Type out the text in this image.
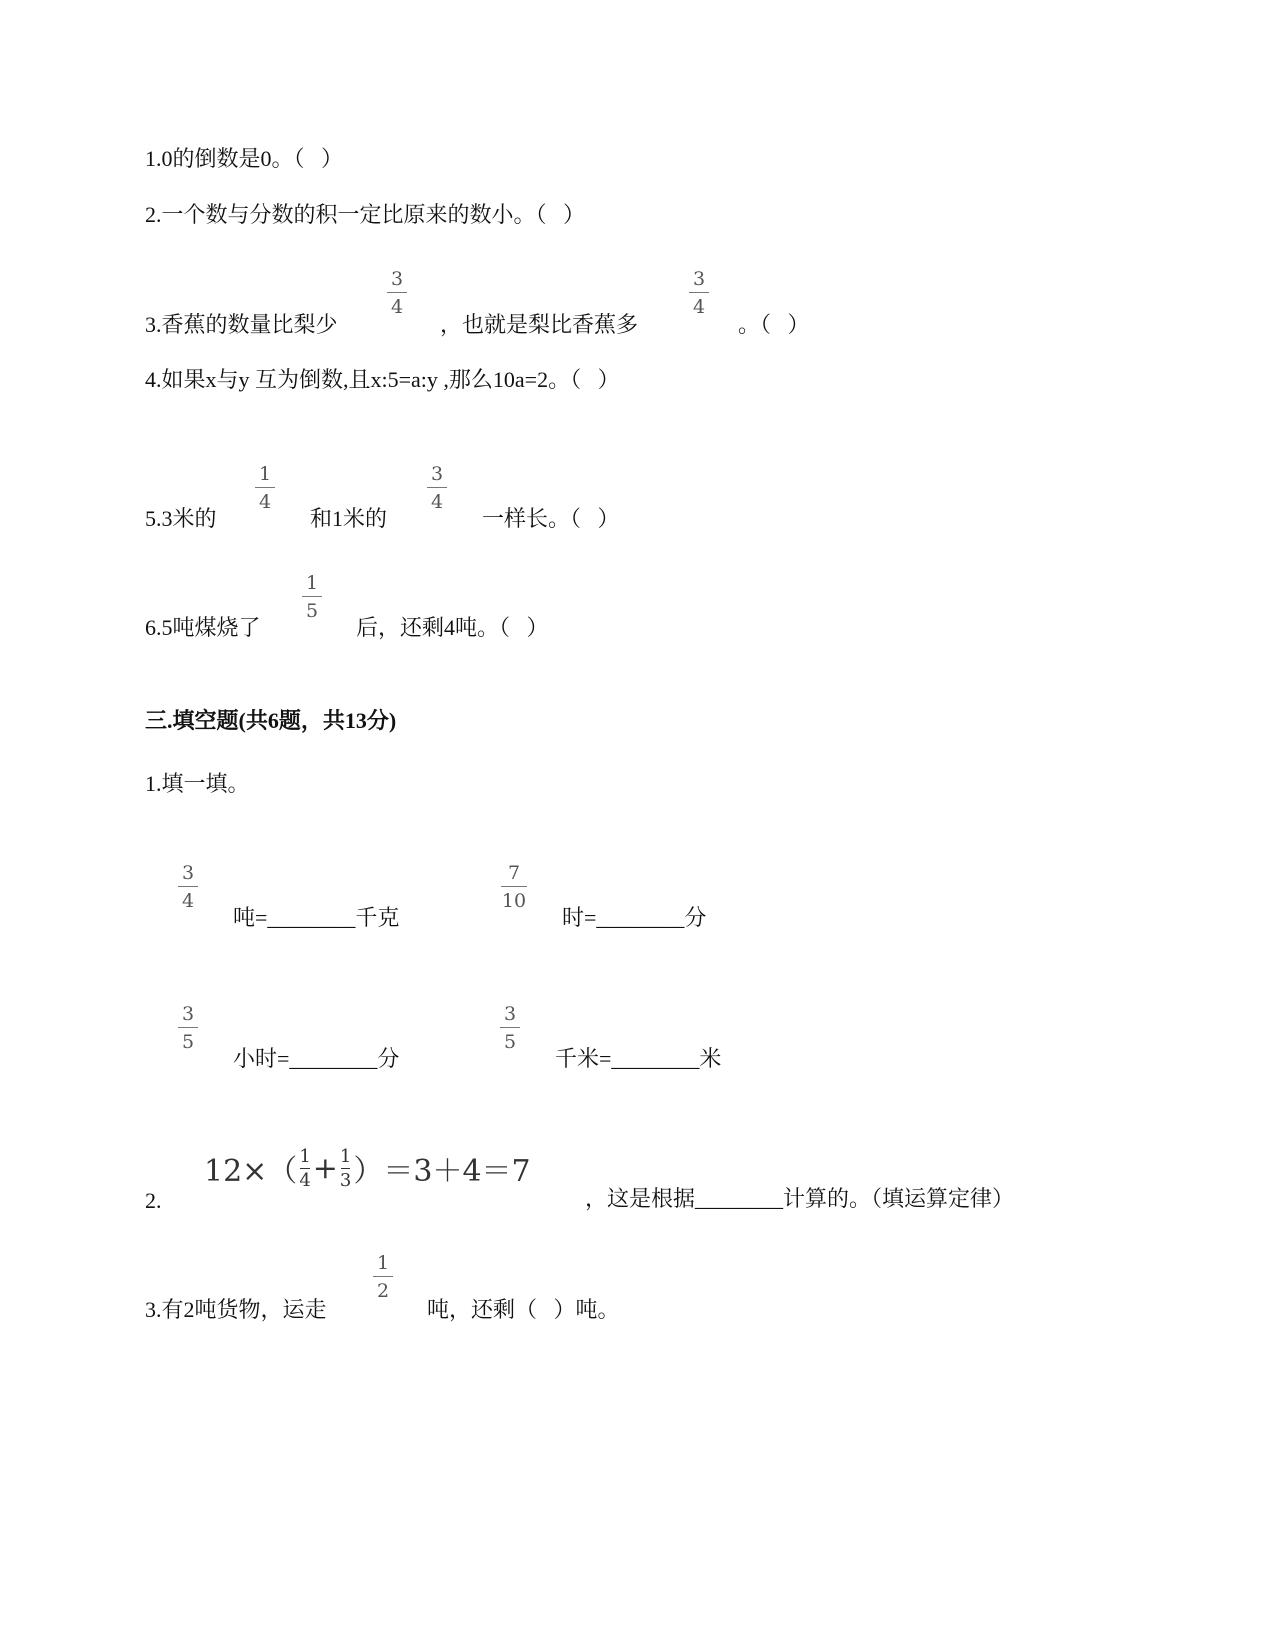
1.0的倒数是0。（   ）
2.一个数与分数的积一定比原来的数小。（   ）
3.香蕉的数量比梨少
3
4
，也就是梨比香蕉多
3
4
。（   ）
4.如果x与y 互为倒数,且x:5=a:y ,那么10a=2。（   ）
5.3米的
1
4
和1米的
3
4
一样长。（   ）
6.5吨煤烧了
1
5
后，还剩4吨。（   ）
三.填空题(共6题，共13分)
1.填一填。
3
4
吨=________千克
7
10
时=________分
3
5
小时=________分
3
5
千米=________米
2.
12×（ 1
4 + 1
3 ）＝3＋4＝7
，这是根据________计算的。（填运算定律）
3.有2吨货物，运走
1
2
吨，还剩（   ）吨。
